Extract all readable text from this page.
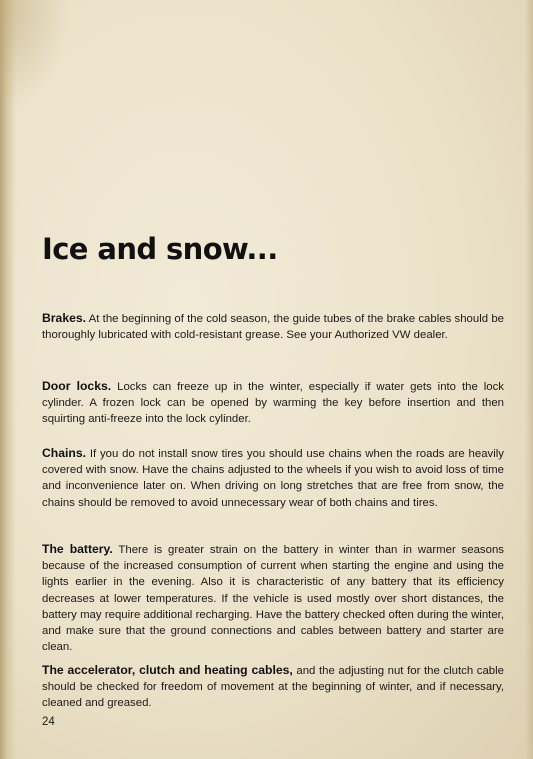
Ice and snow...

Brakes. At the beginning of the cold season, the guide tubes of the brake cables should be thoroughly lubricated with cold-resistant grease. See your Authorized VW dealer.

Door locks. Locks can freeze up in the winter, especially if water gets into the lock cylinder. A frozen lock can be opened by warming the key before insertion and then squirting anti-freeze into the lock cylinder.

Chains. If you do not install snow tires you should use chains when the roads are heavily covered with snow. Have the chains adjusted to the wheels if you wish to avoid loss of time and inconvenience later on. When driving on long stretches that are free from snow, the chains should be removed to avoid unnecessary wear of both chains and tires.

The battery. There is greater strain on the battery in winter than in warmer seasons because of the increased consumption of current when starting the engine and using the lights earlier in the evening. Also it is characteristic of any battery that its efficiency decreases at lower temperatures. If the vehicle is used mostly over short distances, the battery may require additional recharging. Have the battery checked often during the winter, and make sure that the ground connections and cables between battery and starter are clean.

The accelerator, clutch and heating cables, and the adjusting nut for the clutch cable should be checked for freedom of movement at the beginning of winter, and if necessary, cleaned and greased.

24
